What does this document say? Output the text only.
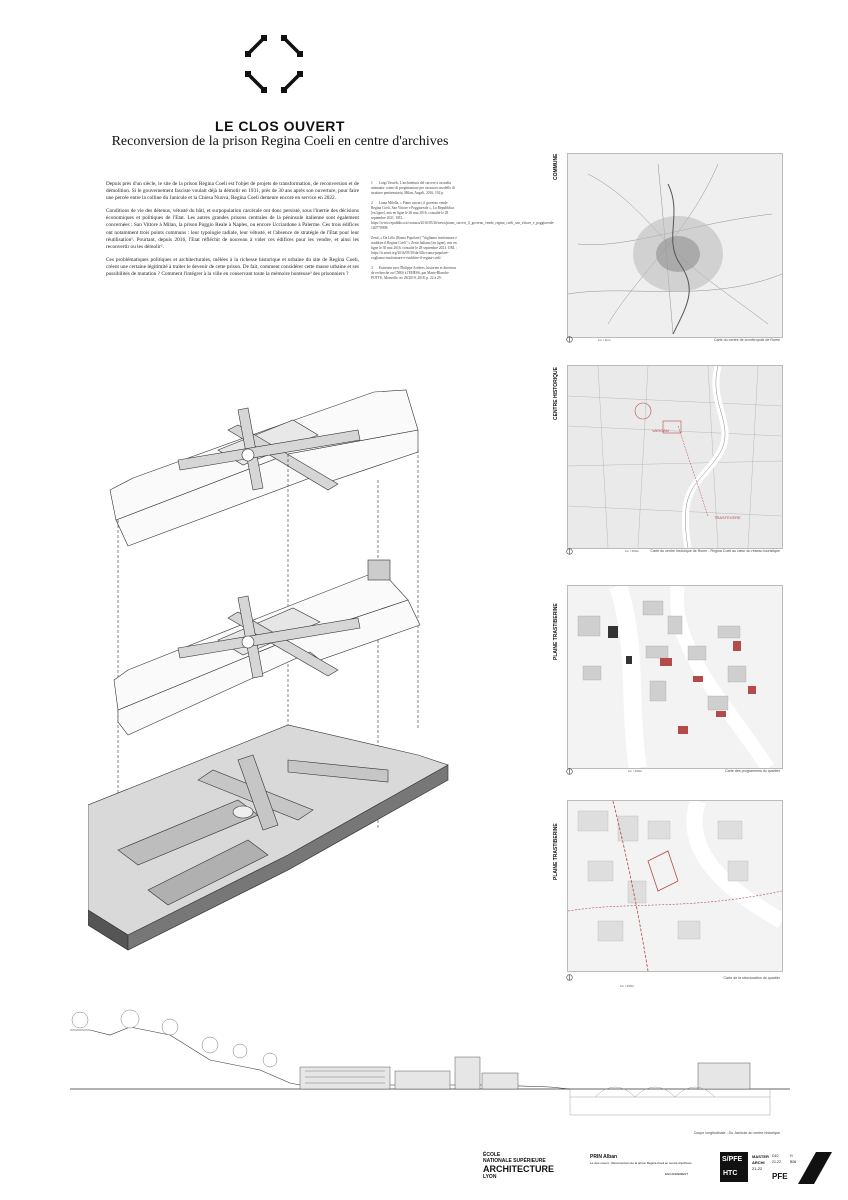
LE CLOS OUVERT
Reconversion de la prison Regina Coeli en centre d'archives

Depuis près d'un siècle, le site de la prison Regina Coeli est l'objet de projets de transformation, de reconversion et de démolition. Si le gouvernement fasciste voulait déjà la démolir en 1931, près de 30 ans après son ouverture, pour faire une percée entre la colline du Janicule et la Chiesa Nuova, Regina Coeli demeure encore en service en 2022.

Conditions de vie des détenus, vétusté du bâti, et surpopulation carcérale ont donc persisté, sous l'inertie des décisions économiques et politiques de l'Etat. Les autres grandes prisons centrales de la péninsule italienne sont également concernées : San Vittore à Milan, la prison Poggio Reale à Naples, ou encore Ucciardone à Palerme. Ces trois édifices ont notamment trois points communs : leur typologie radiale, leur vétusté, et l'absence de stratégie de l'Etat pour leur réutilisation¹. Pourtant, depuis 2016, l'Etat réfléchit de nouveau à vider ces édifices pour les vendre, et ainsi les reconvertir ou les démolir².

Ces problématiques politiques et architecturales, mêlées à la richesse historique et urbaine du site de Regina Coeli, créent une certaine légitimité à traiter le devenir de cette prison. De fait, comment considérer cette masse urbaine et ses possibilités de mutation ? Comment l'intégrer à la ville en conservant toute la mémoire honteuse³ des prisonniers ?

1 Luigi Vassels, L'architettura del carcere a custodia attenuata: criteri di progettazione per un nuovo modello di strutture penitenziaria, Milan, Angeli, 2016, 192 p.

2 Liana Milella, « Piano carceri, il governo vende Regina Coeli, San Vittore e Poggioreale », La Repubblica [en ligne], mis en ligne le 26 mai 2016, consulté le 28 septembre 2021. URL : https://www.repubblica.it/cronaca/2016/05/26/news/piano_carceri_il_governo_vende_regina_coeli_san_vittore_e_poggioreale-140770909/

Zenit, « Da Lillo (Roma Popolare) "Vogliamo trasformare e riaddrire il Regina Coeli" » Zenit Italiano [en ligne], mis en ligne le 30 mai 2016, consulté le 28 septembre 2021. URL : https://it.zenit.org/2016/05/30/da-lillo-roma-popolare-vogliamo-trasformare-e-riaddrire-il-regina-coeli/

3 Entretien avec Philippe Artières, historien et directeur de recherche au CNRS à l'EHESS, par Marie-Blanche POTTE, Marseille, no 28/2019, 2018, p. 22 à 29.

COMMUNE
Carte du centre de la métropole de Rome
1m / 1km
VATICAN
TRASTEVERE
CENTRE HISTORIQUE
Carte du centre historique de Rome - Regina Coeli au cœur du réseau touristique
1m / 500m
PLAINE TRASTIBERINE
Carte des programmes du quartier
1m / 200m
PLAINE TRASTIBERINE
Carte de la structuration du quartier
1m / 200m
Coupe longitudinale - Du Janicule au centre historique
ÉCOLE
NATIONALE SUPÉRIEURE
ARCHITECTURE
LYON
PRIN Alban
Le clos ouvert - Reconversion de la prison Regina Coeli en centre d'archives
ENCADREMENT
S/PFE
HTC
MASTER
ARCHI
21-22
PFE
D10	H
21-22	B06
